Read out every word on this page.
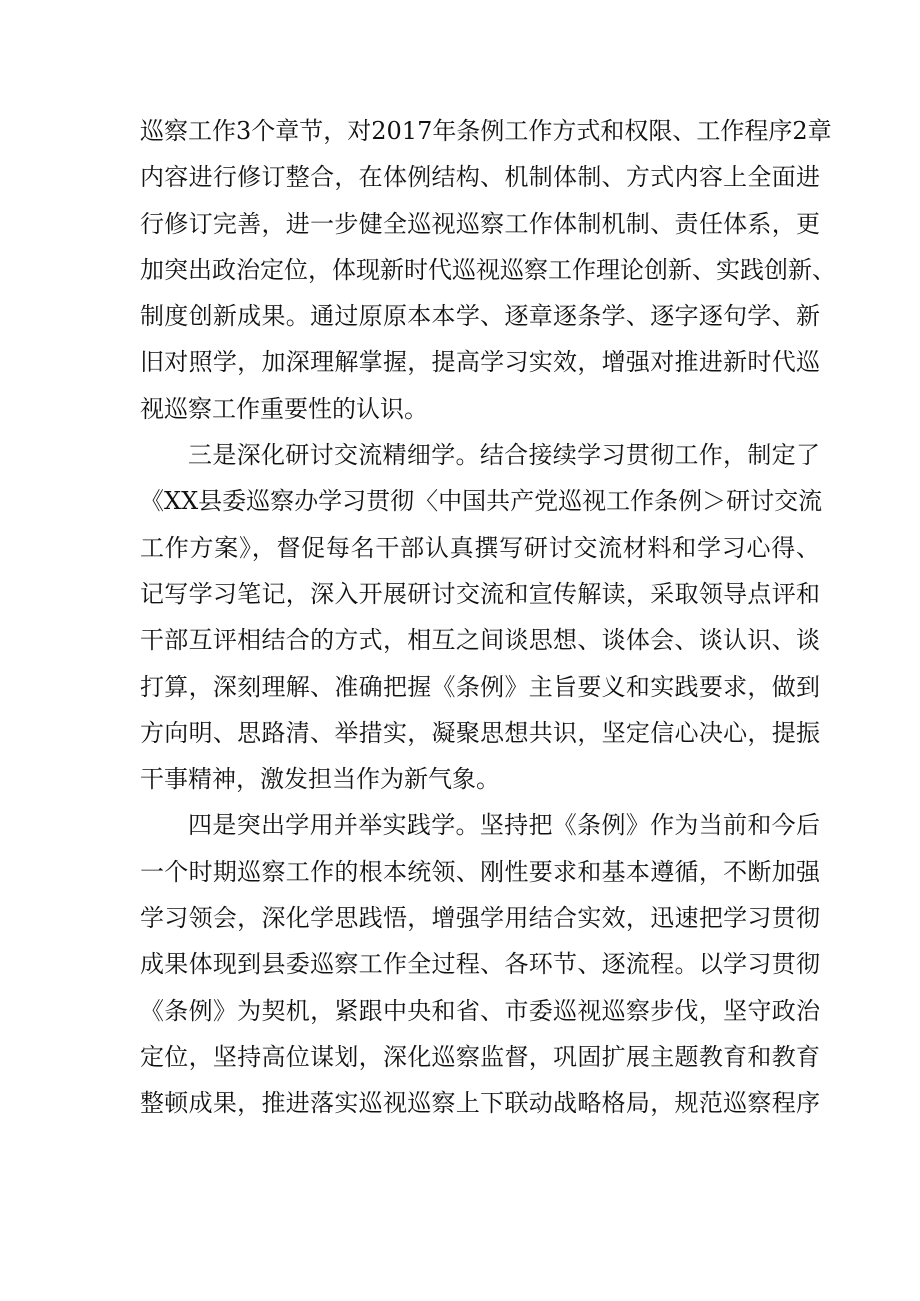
巡察工作3个章节，对2017年条例工作方式和权限、工作程序2章
内容进行修订整合，在体例结构、机制体制、方式内容上全面进
行修订完善，进一步健全巡视巡察工作体制机制、责任体系，更
加突出政治定位，体现新时代巡视巡察工作理论创新、实践创新、
制度创新成果。通过原原本本学、逐章逐条学、逐字逐句学、新
旧对照学，加深理解掌握，提高学习实效，增强对推进新时代巡
视巡察工作重要性的认识。
三是深化研讨交流精细学。结合接续学习贯彻工作，制定了
《XX县委巡察办学习贯彻〈中国共产党巡视工作条例＞研讨交流
工作方案》，督促每名干部认真撰写研讨交流材料和学习心得、
记写学习笔记，深入开展研讨交流和宣传解读，采取领导点评和
干部互评相结合的方式，相互之间谈思想、谈体会、谈认识、谈
打算，深刻理解、准确把握《条例》主旨要义和实践要求，做到
方向明、思路清、举措实，凝聚思想共识，坚定信心决心，提振
干事精神，激发担当作为新气象。
四是突出学用并举实践学。坚持把《条例》作为当前和今后
一个时期巡察工作的根本统领、刚性要求和基本遵循，不断加强
学习领会，深化学思践悟，增强学用结合实效，迅速把学习贯彻
成果体现到县委巡察工作全过程、各环节、逐流程。以学习贯彻
《条例》为契机，紧跟中央和省、市委巡视巡察步伐，坚守政治
定位，坚持高位谋划，深化巡察监督，巩固扩展主题教育和教育
整顿成果，推进落实巡视巡察上下联动战略格局，规范巡察程序
